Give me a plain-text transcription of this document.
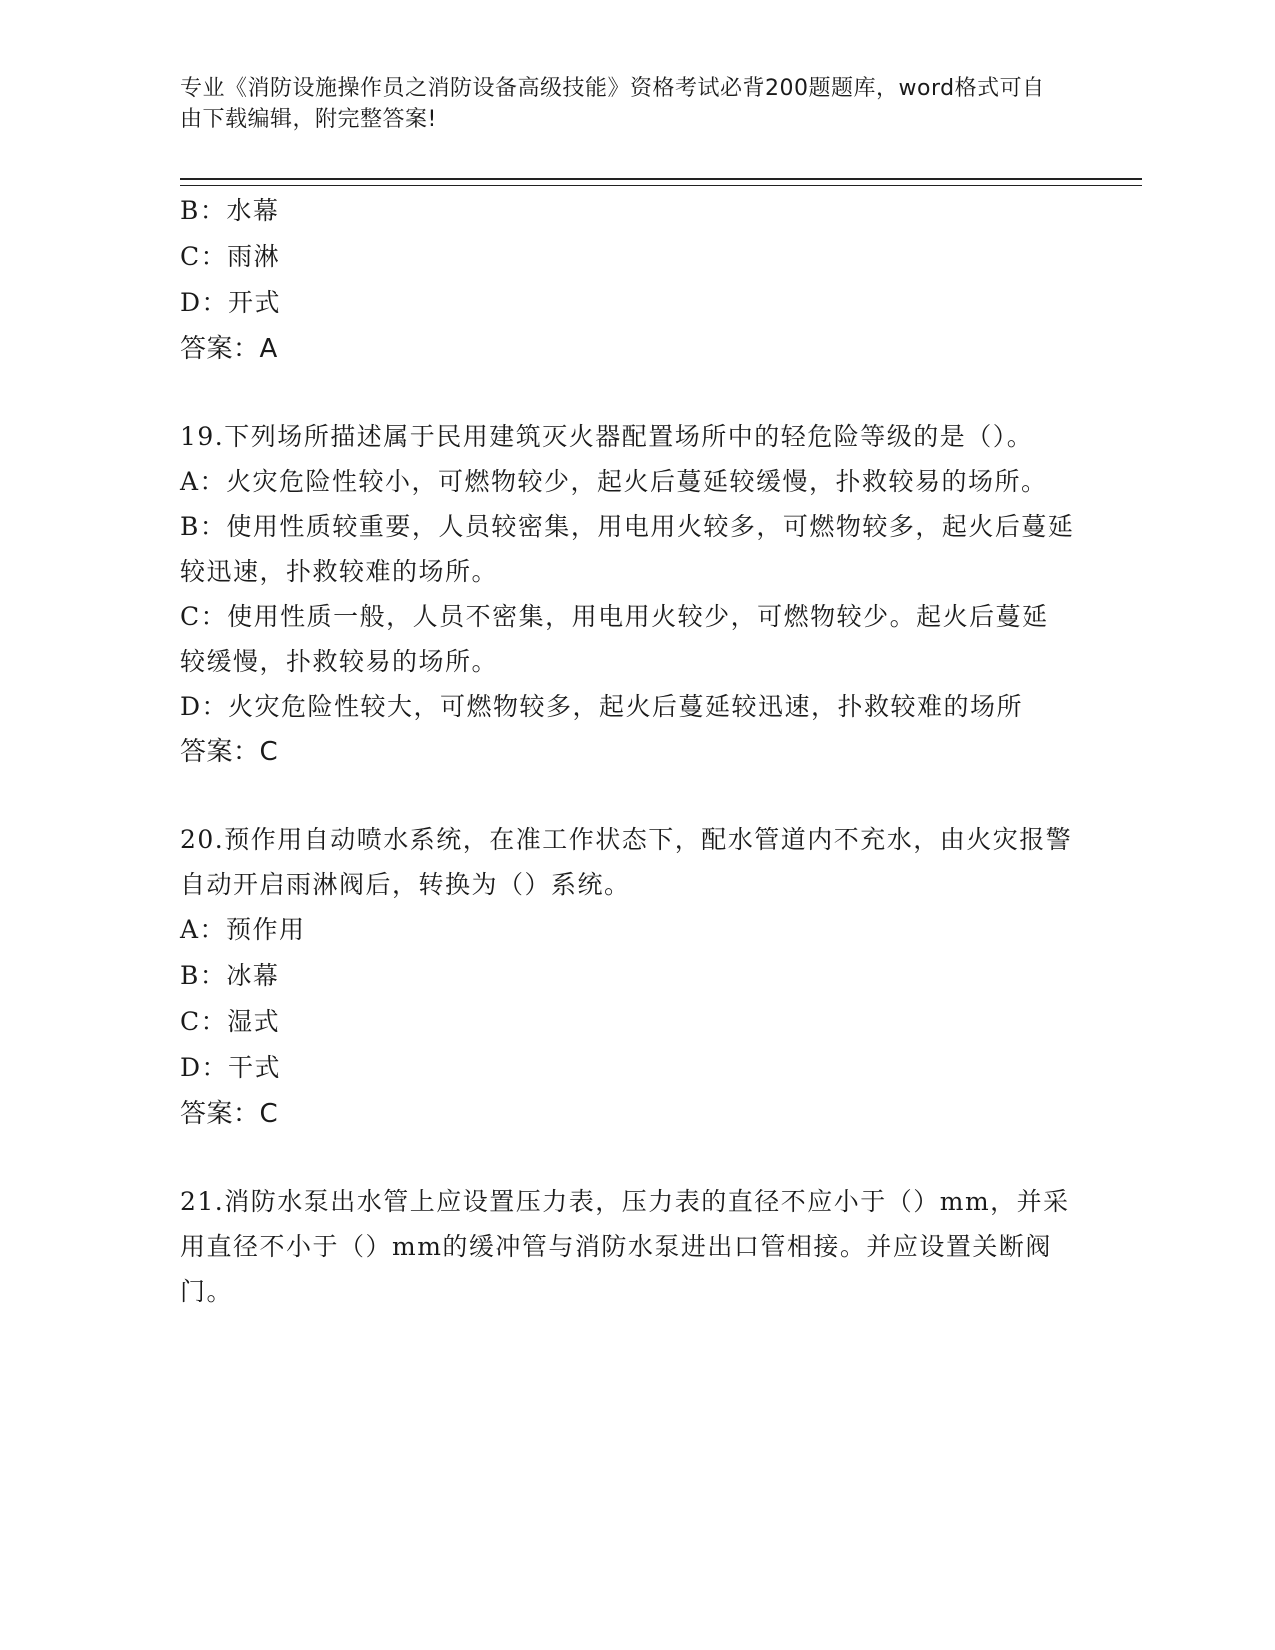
专业《消防设施操作员之消防设备高级技能》资格考试必背200题题库，word格式可自由下载编辑，附完整答案!

B：水幕

C：雨淋

D：开式

答案：A

19.下列场所描述属于民用建筑灭火器配置场所中的轻危险等级的是（）。

A：火灾危险性较小，可燃物较少，起火后蔓延较缓慢，扑救较易的场所。

B：使用性质较重要，人员较密集，用电用火较多，可燃物较多，起火后蔓延较迅速，扑救较难的场所。

C：使用性质一般，人员不密集，用电用火较少，可燃物较少。起火后蔓延较缓慢，扑救较易的场所。

D：火灾危险性较大，可燃物较多，起火后蔓延较迅速，扑救较难的场所

答案：C

20.预作用自动喷水系统，在准工作状态下，配水管道内不充水，由火灾报警自动开启雨淋阀后，转换为（）系统。

A：预作用

B：冰幕

C：湿式

D：干式

答案：C

21.消防水泵出水管上应设置压力表，压力表的直径不应小于（）mm，并采用直径不小于（）mm的缓冲管与消防水泵进出口管相接。并应设置关断阀门。
